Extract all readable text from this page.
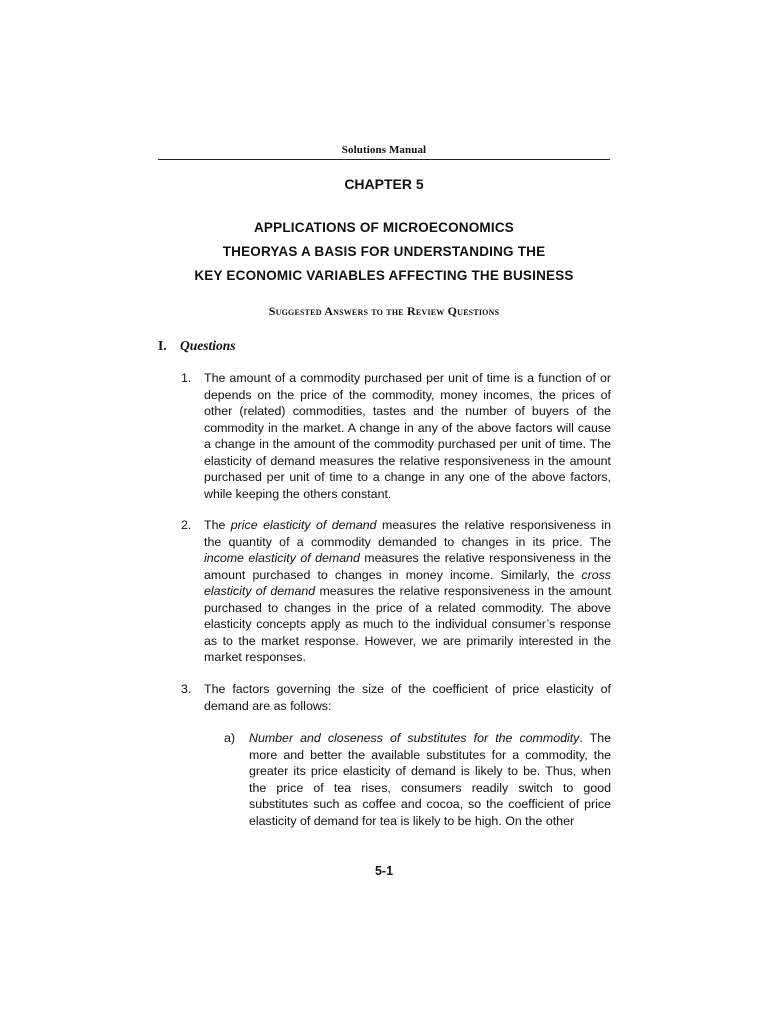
Solutions Manual
CHAPTER 5
APPLICATIONS OF MICROECONOMICS
THEORYAS A BASIS FOR UNDERSTANDING THE
KEY ECONOMIC VARIABLES AFFECTING THE BUSINESS
Suggested Answers to the Review Questions
I. Questions
1. The amount of a commodity purchased per unit of time is a function of or depends on the price of the commodity, money incomes, the prices of other (related) commodities, tastes and the number of buyers of the commodity in the market. A change in any of the above factors will cause a change in the amount of the commodity purchased per unit of time. The elasticity of demand measures the relative responsiveness in the amount purchased per unit of time to a change in any one of the above factors, while keeping the others constant.

2. The price elasticity of demand measures the relative responsiveness in the quantity of a commodity demanded to changes in its price. The income elasticity of demand measures the relative responsiveness in the amount purchased to changes in money income. Similarly, the cross elasticity of demand measures the relative responsiveness in the amount purchased to changes in the price of a related commodity. The above elasticity concepts apply as much to the individual consumer’s response as to the market response. However, we are primarily interested in the market responses.

3. The factors governing the size of the coefficient of price elasticity of demand are as follows:

a) Number and closeness of substitutes for the commodity. The more and better the available substitutes for a commodity, the greater its price elasticity of demand is likely to be. Thus, when the price of tea rises, consumers readily switch to good substitutes such as coffee and cocoa, so the coefficient of price elasticity of demand for tea is likely to be high. On the other

5-1
